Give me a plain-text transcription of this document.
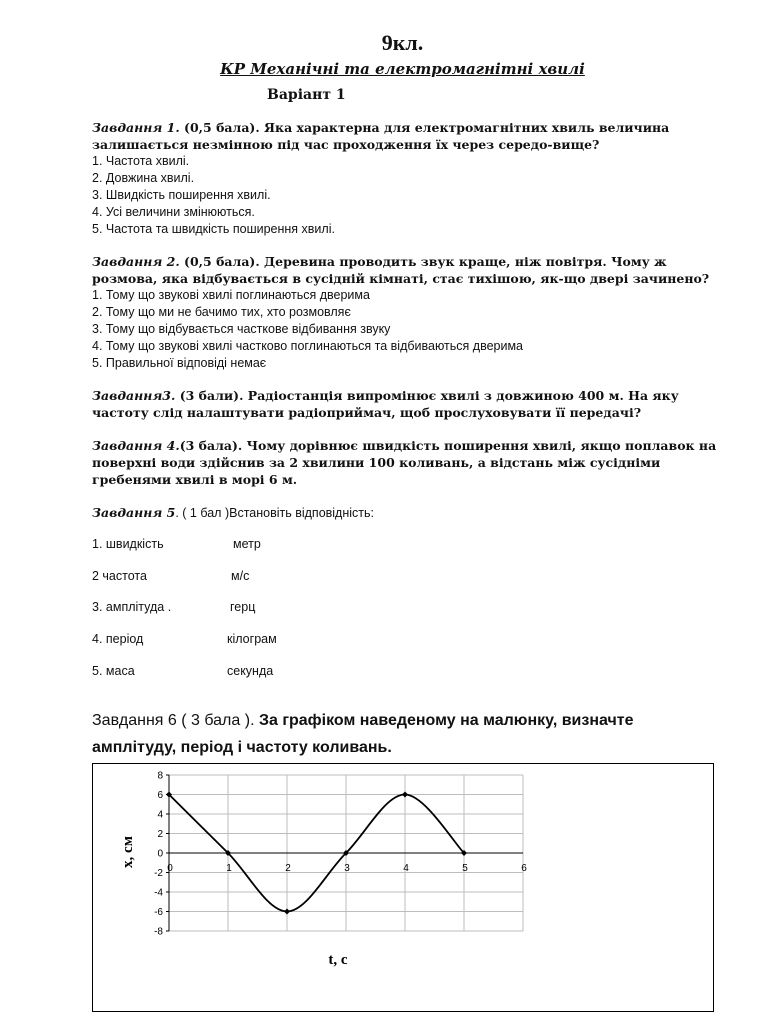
9кл.
КР Механічні та електромагнітні хвилі
Варіант 1
Завдання 1. (0,5 бала). Яка характерна для електромагнітних хвиль величина залишається незмінною під час проходження їх через середо-вище?
1. Частота хвилі.
2. Довжина хвилі.
3. Швидкість поширення хвилі.
4. Усі величини змінюються.
5. Частота та швидкість поширення хвилі.
Завдання 2. (0,5 бала). Деревина проводить звук краще, ніж повітря. Чому ж розмова, яка відбувається в сусідній кімнаті, стає тихішою, як-що двері зачинено?
1. Тому що звукові хвилі поглинаються дверима
2. Тому що ми не бачимо тих, хто розмовляє
3. Тому що відбувається часткове відбивання звуку
4. Тому що звукові хвилі частково поглинаються та відбиваються дверима
5. Правильної відповіді немає
Завдання3. (3 бали). Радіостанція випромінює хвилі з довжиною 400 м. На яку частоту слід налаштувати радіоприймач, щоб прослуховувати її передачі?
Завдання 4.(3 бала). Чому дорівнює швидкість поширення хвилі, якщо поплавок на поверхні води здійснив за 2 хвилини 100 коливань, а відстань між сусідніми гребенями хвилі в морі 6 м.
Завдання 5. ( 1 бал )Встановіть відповідність:
1. швидкість	метр
2 частота	м/с
3. амплітуда .	герц
4. період	кілограм
5. маса	секунда
Завдання 6 ( 3 бала ). За графіком наведеному на малюнку, визначте амплітуду, період і частоту коливань.
8
6
4
2
0
-2
-4
-6
-8
0	1	2	3	4	5	6
t, c
x, см
